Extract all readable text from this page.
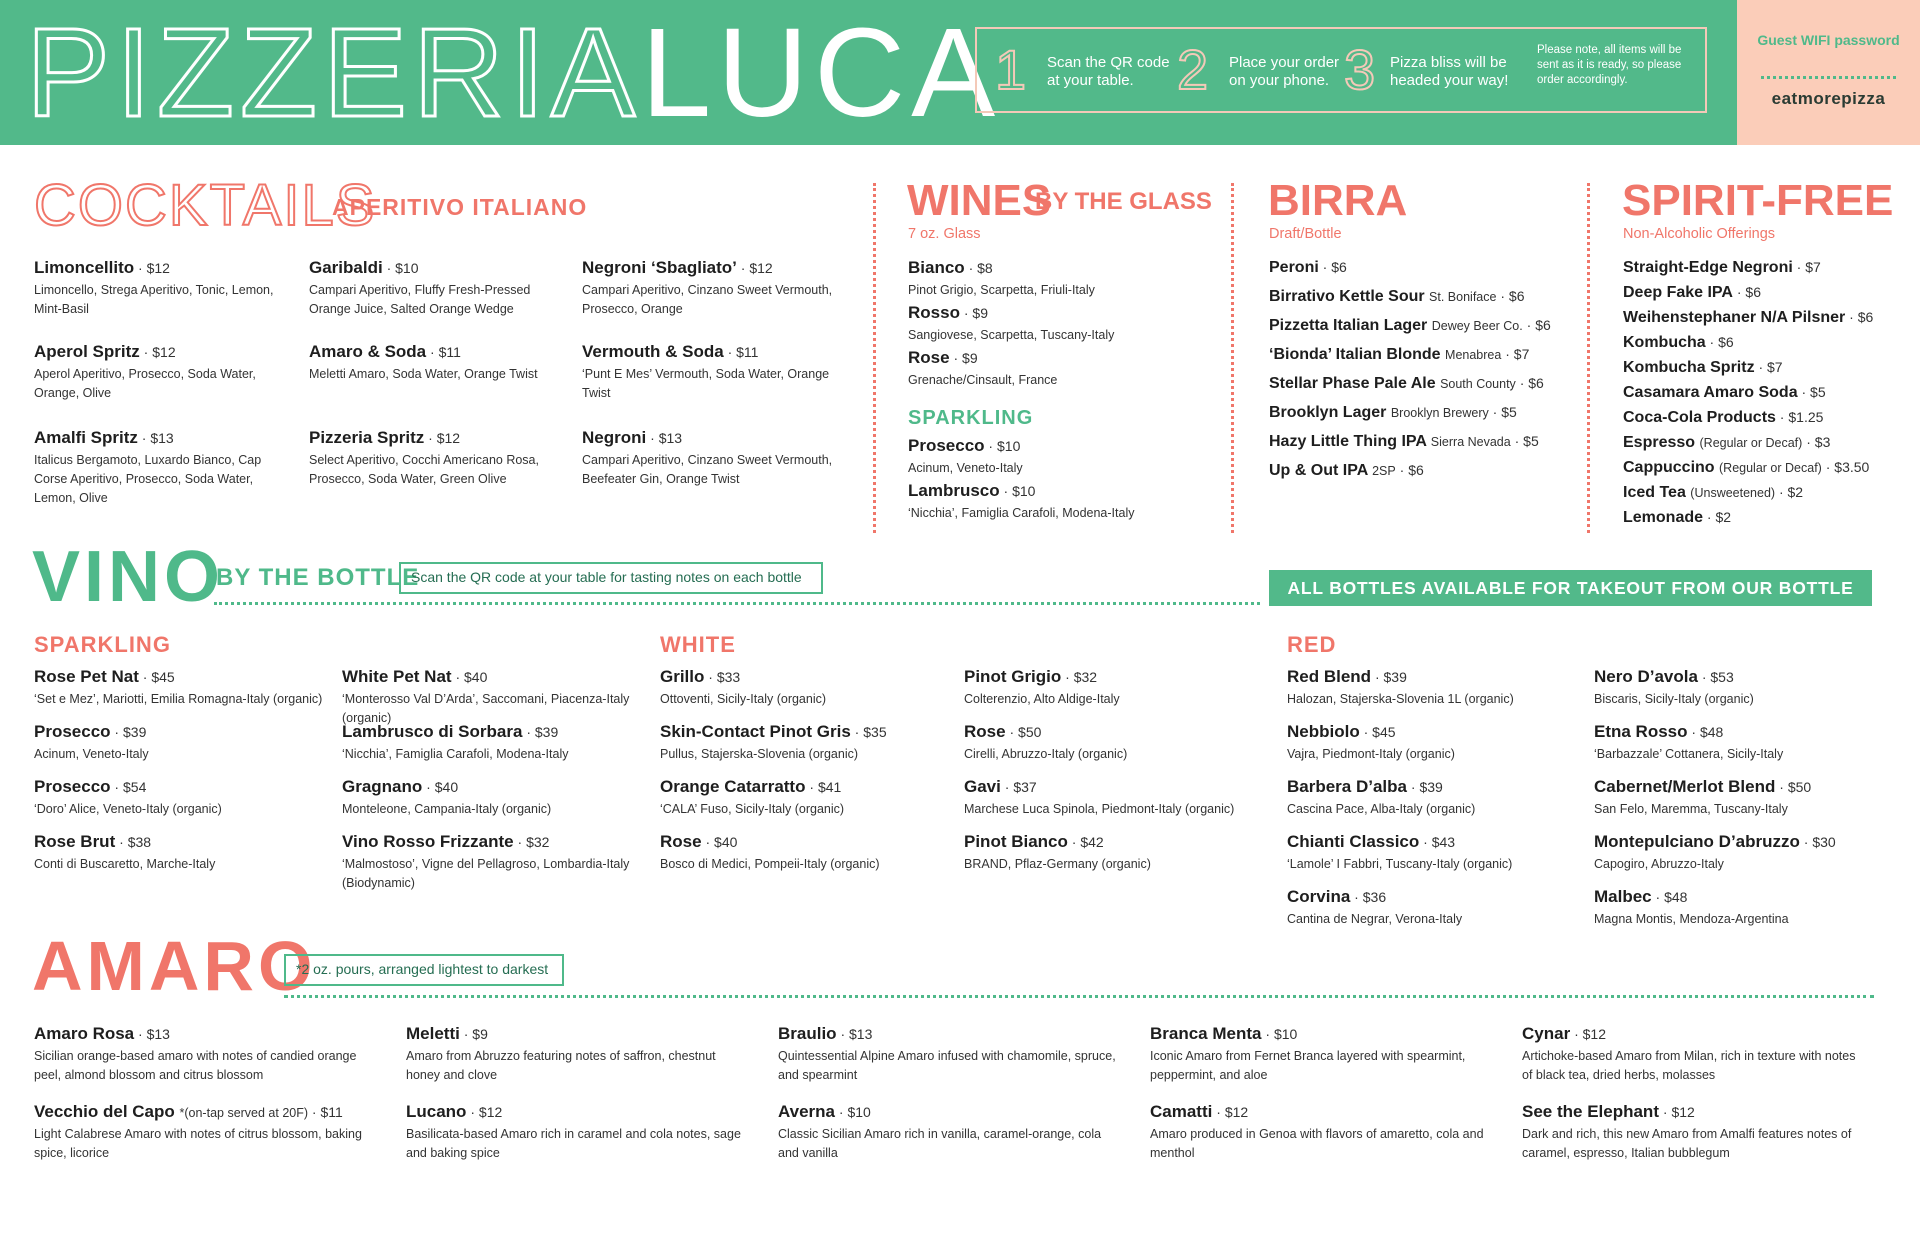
PIZZERIALUCA
1 Scan the QR code at your table. 2 Place your order on your phone. 3 Pizza bliss will be headed your way!
Please note, all items will be sent as it is ready, so please order accordingly.
Guest WIFI password
eatmorepizza
COCKTAILS
APERITIVO ITALIANO
Limoncellito · $12
Limoncello, Strega Aperitivo, Tonic, Lemon, Mint-Basil
Garibaldi · $10
Campari Aperitivo, Fluffy Fresh-Pressed Orange Juice, Salted Orange Wedge
Negroni ‘Sbagliato’ · $12
Campari Aperitivo, Cinzano Sweet Vermouth, Prosecco, Orange
Aperol Spritz · $12
Aperol Aperitivo, Prosecco, Soda Water, Orange, Olive
Amaro & Soda · $11
Meletti Amaro, Soda Water, Orange Twist
Vermouth & Soda · $11
‘Punt E Mes’ Vermouth, Soda Water, Orange Twist
Amalfi Spritz · $13
Italicus Bergamoto, Luxardo Bianco, Cap Corse Aperitivo, Prosecco, Soda Water, Lemon, Olive
Pizzeria Spritz · $12
Select Aperitivo, Cocchi Americano Rosa, Prosecco, Soda Water, Green Olive
Negroni · $13
Campari Aperitivo, Cinzano Sweet Vermouth, Beefeater Gin, Orange Twist
WINES
BY THE GLASS
7 oz. Glass
Bianco · $8
Pinot Grigio, Scarpetta, Friuli-Italy
Rosso · $9
Sangiovese, Scarpetta, Tuscany-Italy
Rose · $9
Grenache/Cinsault, France
SPARKLING
Prosecco · $10
Acinum, Veneto-Italy
Lambrusco · $10
‘Nicchia’, Famiglia Carafoli, Modena-Italy
BIRRA
Draft/Bottle
Peroni · $6
Birrativo Kettle Sour St. Boniface · $6
Pizzetta Italian Lager Dewey Beer Co. · $6
‘Bionda’ Italian Blonde Menabrea · $7
Stellar Phase Pale Ale South County · $6
Brooklyn Lager Brooklyn Brewery · $5
Hazy Little Thing IPA Sierra Nevada · $5
Up & Out IPA 2SP · $6
SPIRIT-FREE
Non-Alcoholic Offerings
Straight-Edge Negroni · $7
Deep Fake IPA · $6
Weihenstephaner N/A Pilsner · $6
Kombucha · $6
Kombucha Spritz · $7
Casamara Amaro Soda · $5
Coca-Cola Products · $1.25
Espresso (Regular or Decaf) · $3
Cappuccino (Regular or Decaf) · $3.50
Iced Tea (Unsweetened) · $2
Lemonade · $2
VINO
BY THE BOTTLE
Scan the QR code at your table for tasting notes on each bottle
ALL BOTTLES AVAILABLE FOR TAKEOUT FROM OUR BOTTLE SHOP
SPARKLING	WHITE	RED
Rose Pet Nat · $45
‘Set e Mez’, Mariotti, Emilia Romagna-Italy (organic)
Prosecco · $39
Acinum, Veneto-Italy
Prosecco · $54
‘Doro’ Alice, Veneto-Italy (organic)
Rose Brut · $38
Conti di Buscaretto, Marche-Italy
White Pet Nat · $40
‘Monterosso Val D’Arda’, Saccomani, Piacenza-Italy (organic)
Lambrusco di Sorbara · $39
‘Nicchia’, Famiglia Carafoli, Modena-Italy
Gragnano · $40
Monteleone, Campania-Italy (organic)
Vino Rosso Frizzante · $32
‘Malmostoso’, Vigne del Pellagroso, Lombardia-Italy (Biodynamic)
Grillo · $33
Ottoventi, Sicily-Italy (organic)
Skin-Contact Pinot Gris · $35
Pullus, Stajerska-Slovenia (organic)
Orange Catarratto · $41
‘CALA’ Fuso, Sicily-Italy (organic)
Rose · $40
Bosco di Medici, Pompeii-Italy (organic)
Pinot Grigio · $32
Colterenzio, Alto Aldige-Italy
Rose · $50
Cirelli, Abruzzo-Italy (organic)
Gavi · $37
Marchese Luca Spinola, Piedmont-Italy (organic)
Pinot Bianco · $42
BRAND, Pflaz-Germany (organic)
Red Blend · $39
Halozan, Stajerska-Slovenia 1L (organic)
Nebbiolo · $45
Vajra, Piedmont-Italy (organic)
Barbera D’alba · $39
Cascina Pace, Alba-Italy (organic)
Chianti Classico · $43
‘Lamole’ I Fabbri, Tuscany-Italy (organic)
Corvina · $36
Cantina de Negrar, Verona-Italy
Nero D’avola · $53
Biscaris, Sicily-Italy (organic)
Etna Rosso · $48
‘Barbazzale’ Cottanera, Sicily-Italy
Cabernet/Merlot Blend · $50
San Felo, Maremma, Tuscany-Italy
Montepulciano D’abruzzo · $30
Capogiro, Abruzzo-Italy
Malbec · $48
Magna Montis, Mendoza-Argentina
AMARO
*2 oz. pours, arranged lightest to darkest
Amaro Rosa · $13
Sicilian orange-based amaro with notes of candied orange peel, almond blossom and citrus blossom
Vecchio del Capo *(on-tap served at 20F) · $11
Light Calabrese Amaro with notes of citrus blossom, baking spice, licorice
Meletti · $9
Amaro from Abruzzo featuring notes of saffron, chestnut honey and clove
Lucano · $12
Basilicata-based Amaro rich in caramel and cola notes, sage and baking spice
Braulio · $13
Quintessential Alpine Amaro infused with chamomile, spruce, and spearmint
Averna · $10
Classic Sicilian Amaro rich in vanilla, caramel-orange, cola and vanilla
Branca Menta · $10
Iconic Amaro from Fernet Branca layered with spearmint, peppermint, and aloe
Camatti · $12
Amaro produced in Genoa with flavors of amaretto, cola and menthol
Cynar · $12
Artichoke-based Amaro from Milan, rich in texture with notes of black tea, dried herbs, molasses
See the Elephant · $12
Dark and rich, this new Amaro from Amalfi features notes of caramel, espresso, Italian bubblegum
